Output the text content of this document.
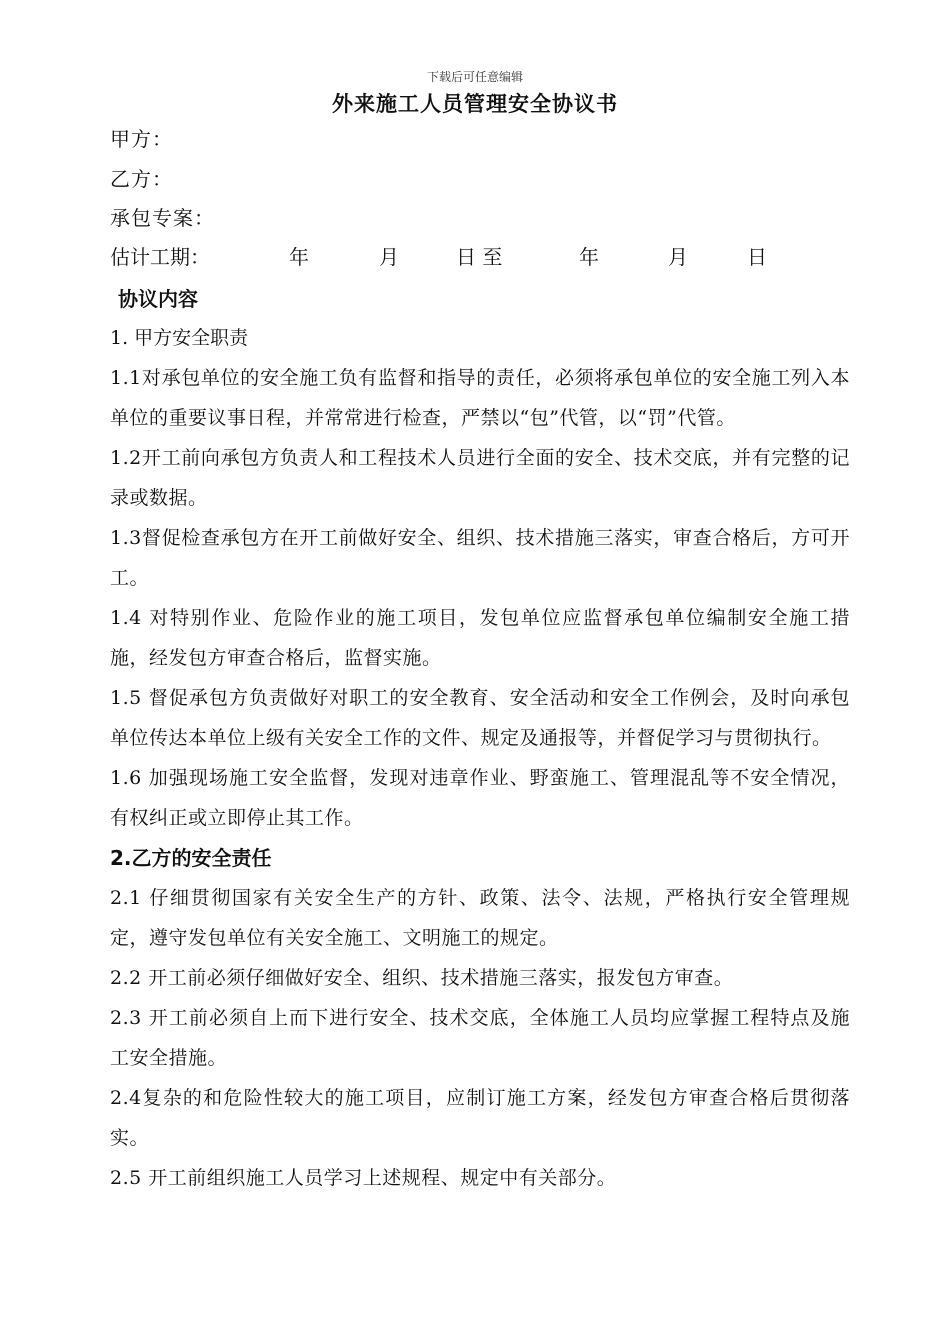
下载后可任意编辑
外来施工人员管理安全协议书
甲方：
乙方：
承包专案：
估计工期：	年	月	日 至	年	月	日
协议内容

1. 甲方安全职责

1.1对承包单位的安全施工负有监督和指导的责任，必须将承包单位的安全施工列入本单位的重要议事日程，并常常进行检查，严禁以“包”代管，以“罚”代管。

1.2开工前向承包方负责人和工程技术人员进行全面的安全、技术交底，并有完整的记录或数据。

1.3督促检查承包方在开工前做好安全、组织、技术措施三落实，审查合格后，方可开工。

1.4 对特别作业、危险作业的施工项目，发包单位应监督承包单位编制安全施工措施，经发包方审查合格后，监督实施。

1.5 督促承包方负责做好对职工的安全教育、安全活动和安全工作例会，及时向承包单位传达本单位上级有关安全工作的文件、规定及通报等，并督促学习与贯彻执行。

1.6 加强现场施工安全监督，发现对违章作业、野蛮施工、管理混乱等不安全情况，有权纠正或立即停止其工作。

2.乙方的安全责任

2.1 仔细贯彻国家有关安全生产的方针、政策、法令、法规，严格执行安全管理规定，遵守发包单位有关安全施工、文明施工的规定。

2.2 开工前必须仔细做好安全、组织、技术措施三落实，报发包方审查。

2.3 开工前必须自上而下进行安全、技术交底，全体施工人员均应掌握工程特点及施工安全措施。

2.4复杂的和危险性较大的施工项目，应制订施工方案，经发包方审查合格后贯彻落实。

2.5 开工前组织施工人员学习上述规程、规定中有关部分。
